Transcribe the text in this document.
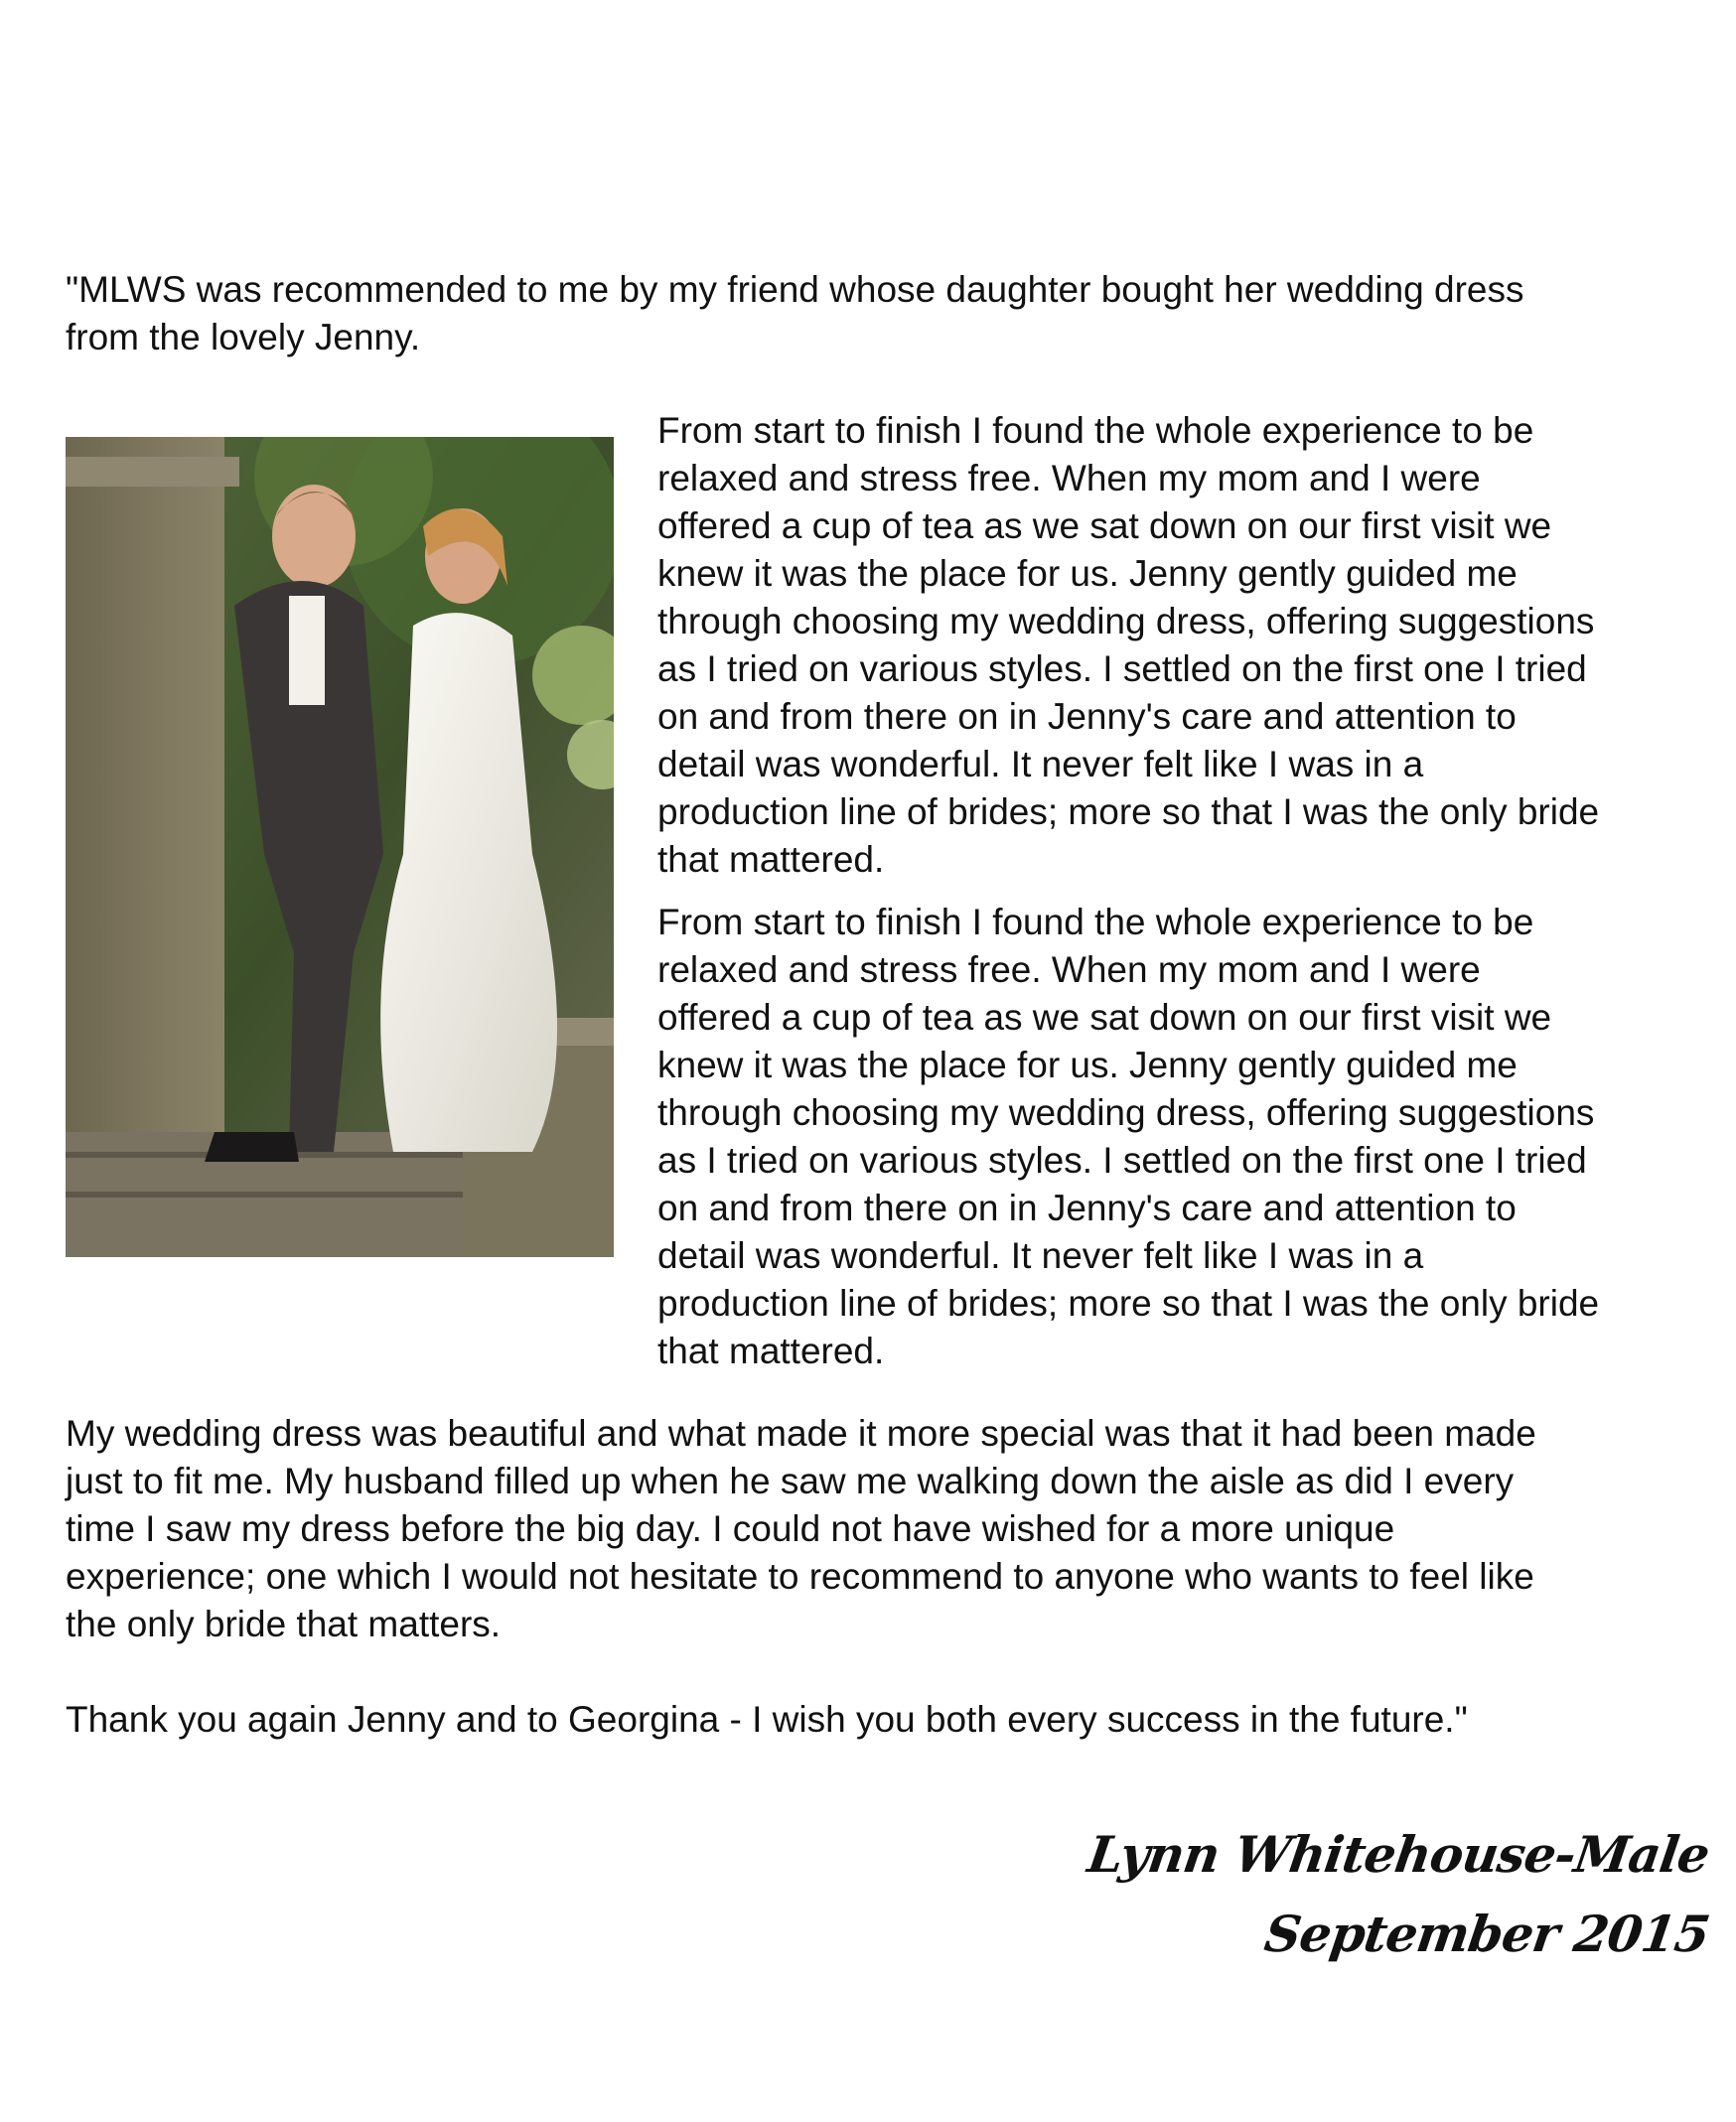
"MLWS was recommended to me by my friend whose daughter bought her wedding dress
from the lovely Jenny.

From start to finish I found the whole experience to be
relaxed and stress free. When my mom and I were
offered a cup of tea as we sat down on our first visit we
knew it was the place for us. Jenny gently guided me
through choosing my wedding dress, offering suggestions
as I tried on various styles. I settled on the first one I tried
on and from there on in Jenny's care and attention to
detail was wonderful. It never felt like I was in a
production line of brides; more so that I was the only bride
that mattered.

From start to finish I found the whole experience to be
relaxed and stress free. When my mom and I were
offered a cup of tea as we sat down on our first visit we
knew it was the place for us. Jenny gently guided me
through choosing my wedding dress, offering suggestions
as I tried on various styles. I settled on the first one I tried
on and from there on in Jenny's care and attention to
detail was wonderful. It never felt like I was in a
production line of brides; more so that I was the only bride
that mattered.

My wedding dress was beautiful and what made it more special was that it had been made
just to fit me. My husband filled up when he saw me walking down the aisle as did I every
time I saw my dress before the big day. I could not have wished for a more unique
experience; one which I would not hesitate to recommend to anyone who wants to feel like
the only bride that matters.

Thank you again Jenny and to Georgina - I wish you both every success in the future."

Lynn Whitehouse-Male
September 2015
